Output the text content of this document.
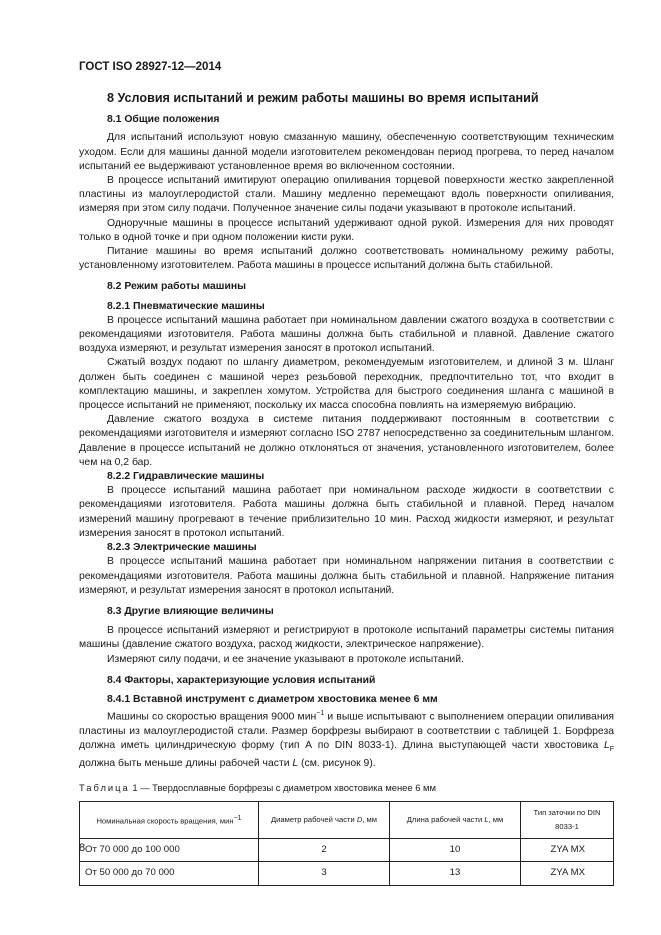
ГОСТ ISO 28927-12—2014
8 Условия испытаний и режим работы машины во время испытаний
8.1 Общие положения

Для испытаний используют новую смазанную машину, обеспеченную соответствующим техническим уходом. Если для машины данной модели изготовителем рекомендован период прогрева, то перед началом испытаний ее выдерживают установленное время во включенном состоянии.

В процессе испытаний имитируют операцию опиливания торцевой поверхности жестко закрепленной пластины из малоуглеродистой стали. Машину медленно перемещают вдоль поверхности опиливания, измеряя при этом силу подачи. Полученное значение силы подачи указывают в протоколе испытаний.

Одноручные машины в процессе испытаний удерживают одной рукой. Измерения для них проводят только в одной точке и при одном положении кисти руки.

Питание машины во время испытаний должно соответствовать номинальному режиму работы, установленному изготовителем. Работа машины в процессе испытаний должна быть стабильной.

8.2 Режим работы машины
8.2.1 Пневматические машины

В процессе испытаний машина работает при номинальном давлении сжатого воздуха в соответствии с рекомендациями изготовителя. Работа машины должна быть стабильной и плавной. Давление сжатого воздуха измеряют, и результат измерения заносят в протокол испытаний.

Сжатый воздух подают по шлангу диаметром, рекомендуемым изготовителем, и длиной 3 м. Шланг должен быть соединен с машиной через резьбовой переходник, предпочтительно тот, что входит в комплектацию машины, и закреплен хомутом. Устройства для быстрого соединения шланга с машиной в процессе испытаний не применяют, поскольку их масса способна повлиять на измеряемую вибрацию.

Давление сжатого воздуха в системе питания поддерживают постоянным в соответствии с рекомендациями изготовителя и измеряют согласно ISO 2787 непосредственно за соединительным шлангом. Давление в процессе испытаний не должно отклоняться от значения, установленного изготовителем, более чем на 0,2 бар.

8.2.2 Гидравлические машины

В процессе испытаний машина работает при номинальном расходе жидкости в соответствии с рекомендациями изготовителя. Работа машины должна быть стабильной и плавной. Перед началом измерений машину прогревают в течение приблизительно 10 мин. Расход жидкости измеряют, и результат измерения заносят в протокол испытаний.

8.2.3 Электрические машины

В процессе испытаний машина работает при номинальном напряжении питания в соответствии с рекомендациями изготовителя. Работа машины должна быть стабильной и плавной. Напряжение питания измеряют, и результат измерения заносят в протокол испытаний.

8.3 Другие влияющие величины

В процессе испытаний измеряют и регистрируют в протоколе испытаний параметры системы питания машины (давление сжатого воздуха, расход жидкости, электрическое напряжение).

Измеряют силу подачи, и ее значение указывают в протоколе испытаний.

8.4 Факторы, характеризующие условия испытаний
8.4.1 Вставной инструмент с диаметром хвостовика менее 6 мм

Машины со скоростью вращения 9000 мин$^{-1}$ и выше испытывают с выполнением операции опиливания пластины из малоуглеродистой стали. Размер борфрезы выбирают в соответствии с таблицей 1. Борфреза должна иметь цилиндрическую форму (тип А по DIN 8033-1). Длина выступающей части хвостовика $L_F$ должна быть меньше длины рабочей части L (см. рисунок 9).

Таблица 1 — Твердосплавные борфрезы с диаметром хвостовика менее 6 мм
Номинальная скорость вращения, мин$^{-1}$	Диаметр рабочей части D, мм	Длина рабочей части L, мм	Тип заточки по DIN 8033-1
От 70 000 до 100 000	2	10	ZYA MX
От 50 000 до 70 000	3	13	ZYA MX
8
